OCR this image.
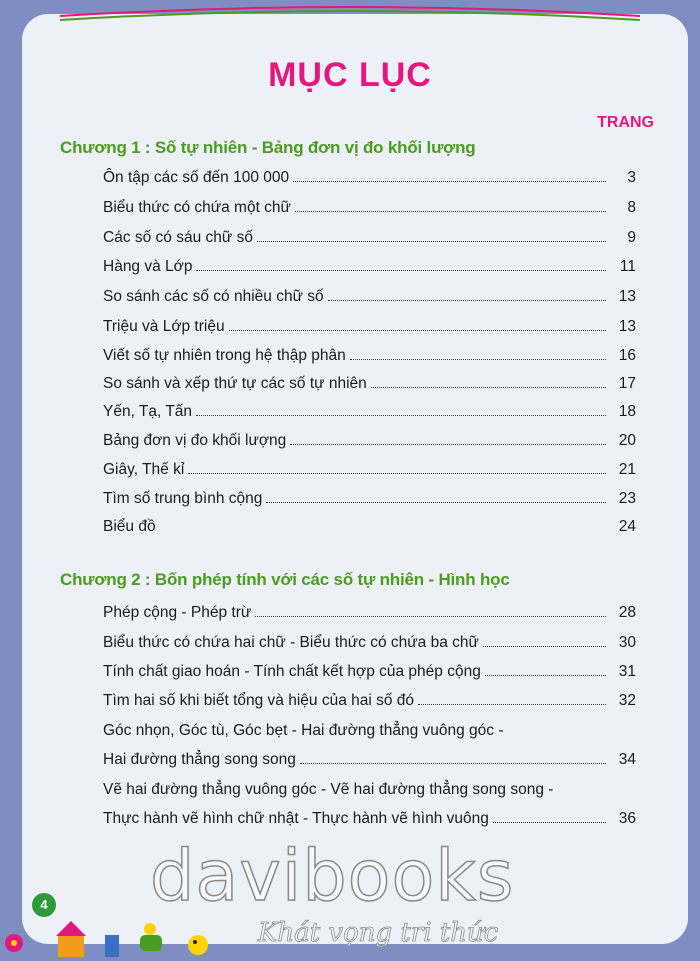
MỤC LỤC
TRANG
Chương 1 : Số tự nhiên - Bảng đơn vị đo khối lượng
Ôn tập các số đến 100 000	3
Biểu thức có chứa một chữ	8
Các số có sáu chữ số	9
Hàng và Lớp	11
So sánh các số có nhiều chữ số	13
Triệu và Lớp triệu	13
Viết số tự nhiên trong hệ thập phân	16
So sánh và xếp thứ tự các số tự nhiên	17
Yến, Tạ, Tấn	18
Bảng đơn vị đo khối lượng	20
Giây, Thế kỉ	21
Tìm số trung bình cộng	23
Biểu đồ	24
Chương 2 : Bốn phép tính với các số tự nhiên - Hình học
Phép cộng - Phép trừ	28
Biểu thức có chứa hai chữ - Biểu thức có chứa ba chữ	30
Tính chất giao hoán - Tính chất kết hợp của phép cộng	31
Tìm hai số khi biết tổng và hiệu của hai số đó	32
Góc nhọn, Góc tù, Góc bẹt - Hai đường thẳng vuông góc -
Hai đường thẳng song song	34
Vẽ hai đường thẳng vuông góc - Vẽ hai đường thẳng song song -
Thực hành vẽ hình chữ nhật - Thực hành vẽ hình vuông	36
4 davibooks
Khát vọng tri thức
